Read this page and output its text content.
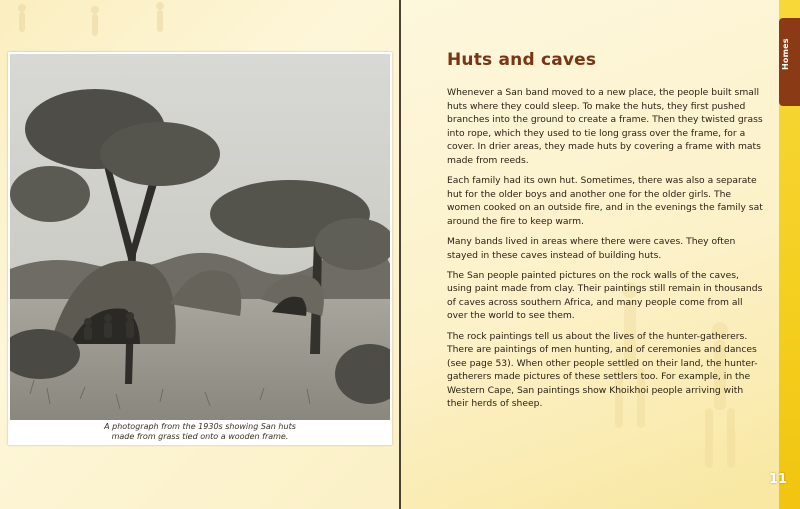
A photograph from the 1930s showing San huts
made from grass tied onto a wooden frame.
Huts and caves

Whenever a San band moved to a new place, the people built small huts where they could sleep. To make the huts, they first pushed branches into the ground to create a frame. Then they twisted grass into rope, which they used to tie long grass over the frame, for a cover. In drier areas, they made huts by covering a frame with mats made from reeds.

Each family had its own hut. Sometimes, there was also a separate hut for the older boys and another one for the older girls. The women cooked on an outside fire, and in the evenings the family sat around the fire to keep warm.

Many bands lived in areas where there were caves. They often stayed in these caves instead of building huts.

The San people painted pictures on the rock walls of the caves, using paint made from clay. Their paintings still remain in thousands of caves across southern Africa, and many people come from all over the world to see them.

The rock paintings tell us about the lives of the hunter-gatherers. There are paintings of men hunting, and of ceremonies and dances (see page 53). When other people settled on their land, the hunter-gatherers made pictures of these settlers too. For example, in the Western Cape, San paintings show Khoikhoi people arriving with their herds of sheep.

Homes
11
